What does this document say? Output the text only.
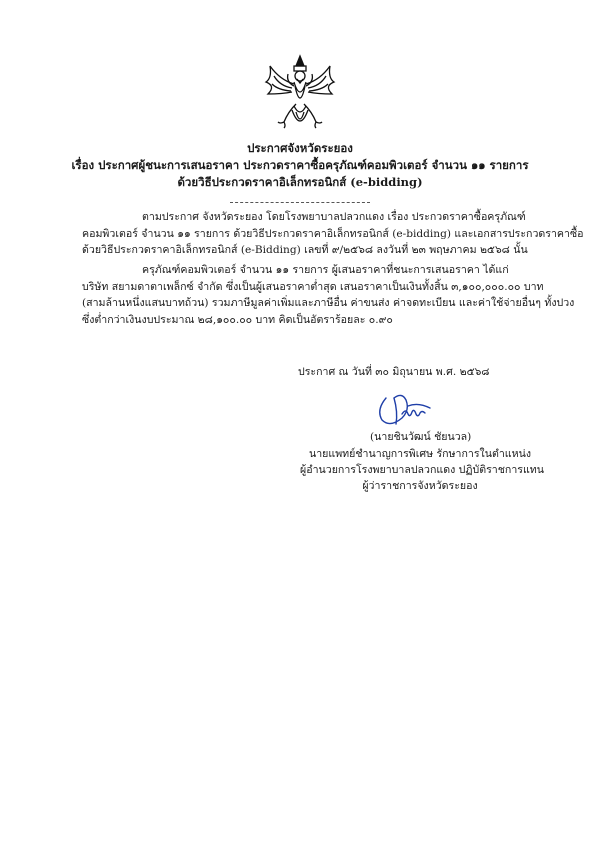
ประกาศจังหวัดระยอง
เรื่อง ประกาศผู้ชนะการเสนอราคา ประกวดราคาซื้อครุภัณฑ์คอมพิวเตอร์ จำนวน ๑๑ รายการ
ด้วยวิธีประกวดราคาอิเล็กทรอนิกส์ (e-bidding)
ตามประกาศ จังหวัดระยอง โดยโรงพยาบาลปลวกแดง เรื่อง ประกวดราคาซื้อครุภัณฑ์
คอมพิวเตอร์ จำนวน ๑๑ รายการ ด้วยวิธีประกวดราคาอิเล็กทรอนิกส์ (e-bidding) และเอกสารประกวดราคาซื้อ
ด้วยวิธีประกวดราคาอิเล็กทรอนิกส์ (e-Bidding) เลขที่ ๙/๒๕๖๘ ลงวันที่ ๒๓ พฤษภาคม ๒๕๖๘ นั้น
ครุภัณฑ์คอมพิวเตอร์ จำนวน ๑๑ รายการ ผู้เสนอราคาที่ชนะการเสนอราคา ได้แก่
บริษัท สยามดาตาเพล็กซ์ จำกัด ซึ่งเป็นผู้เสนอราคาต่ำสุด เสนอราคาเป็นเงินทั้งสิ้น ๓,๑๐๐,๐๐๐.๐๐ บาท
(สามล้านหนึ่งแสนบาทถ้วน) รวมภาษีมูลค่าเพิ่มและภาษีอื่น ค่าขนส่ง ค่าจดทะเบียน และค่าใช้จ่ายอื่นๆ ทั้งปวง
ซึ่งต่ำกว่าเงินงบประมาณ ๒๘,๑๐๐.๐๐ บาท คิดเป็นอัตราร้อยละ ๐.๙๐
ประกาศ ณ วันที่ ๓๐ มิถุนายน พ.ศ. ๒๕๖๘
(นายชินวัฒน์ ชัยนวล)
นายแพทย์ชำนาญการพิเศษ รักษาการในตำแหน่ง
ผู้อำนวยการโรงพยาบาลปลวกแดง ปฏิบัติราชการแทน
ผู้ว่าราชการจังหวัดระยอง
